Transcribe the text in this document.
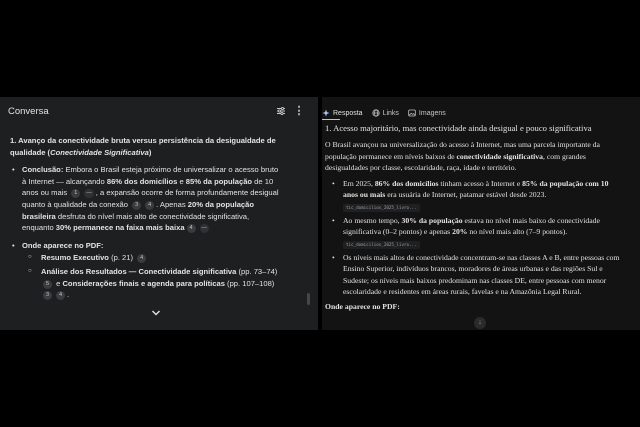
Conversa	⋮
1. Avanço da conectividade bruta versus persistência da desigualdade de qualidade (Conectividade Significativa)
• Conclusão: Embora o Brasil esteja próximo de universalizar o acesso bruto à Internet — alcançando 86% dos domicílios e 85% da população de 10 anos ou mais 1 — , a expansão ocorre de forma profundamente desigual quanto à qualidade da conexão 3 4 . Apenas 20% da população brasileira desfruta do nível mais alto de conectividade significativa, enquanto 30% permanece na faixa mais baixa 4 —
• Onde aparece no PDF:
○ Resumo Executivo (p. 21) 4
○ Análise dos Resultados — Conectividade significativa (pp. 73–74) 5 e Considerações finais e agenda para políticas (pp. 107–108) 3 4 .
Resposta	Links	Imagens
1. Acesso majoritário, mas conectividade ainda desigual e pouco significativa
O Brasil avançou na universalização do acesso à Internet, mas uma parcela importante da população permanece em níveis baixos de conectividade significativa, com grandes desigualdades por classe, escolaridade, raça, idade e território.
• Em 2025, 86% dos domicílios tinham acesso à Internet e 85% da população com 10 anos ou mais era usuária de Internet, patamar estável desde 2023.
tic_domicilios_2025_livro...
• Ao mesmo tempo, 30% da população estava no nível mais baixo de conectividade significativa (0–2 pontos) e apenas 20% no nível mais alto (7–9 pontos).
tic_domicilios_2025_livro...
• Os níveis mais altos de conectividade concentram-se nas classes A e B, entre pessoas com Ensino Superior, indivíduos brancos, moradores de áreas urbanas e das regiões Sul e Sudeste; os níveis mais baixos predominam nas classes DE, entre pessoas com menor escolaridade e residentes em áreas rurais, favelas e na Amazônia Legal Rural.
Onde aparece no PDF:
↓
